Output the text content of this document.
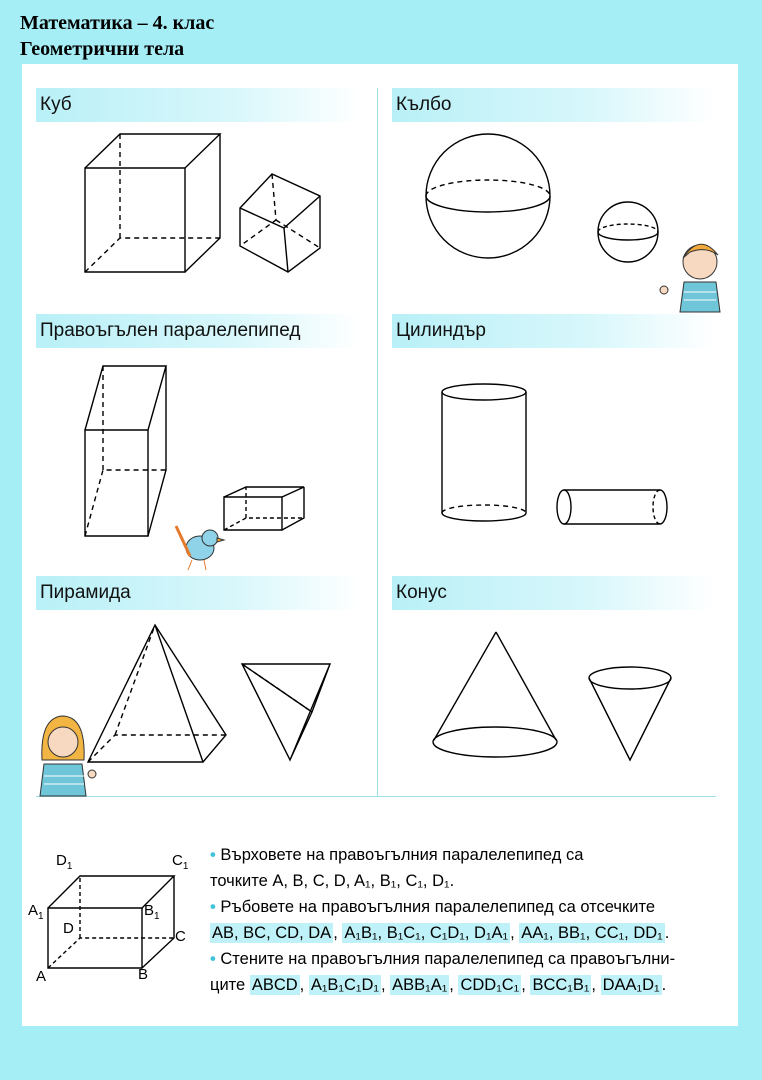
Математика – 4. клас
Геометрични тела
Куб	Кълбо
Правоъгълен паралелепипед	Цилиндър
Пирамида	Конус
$D_1$	$C_1$
$A_1$	$B_1$
D	C
A	B

• Върховете на правоъгълния паралелепипед са
точките A, B, C, D, A₁, B₁, C₁, D₁.

• Ръбовете на правоъгълния паралелепипед са отсечките
AB, BC, CD, DA , A₁B₁, B₁C₁, C₁D₁, D₁A₁ , AA₁, BB₁, CC₁, DD₁ .

• Стените на правоъгълния паралелепипед са правоъгълни-
ците ABCD , A₁B₁C₁D₁ , ABB₁A₁ , CDD₁C₁ , BCC₁B₁ , DAA₁D₁ .
